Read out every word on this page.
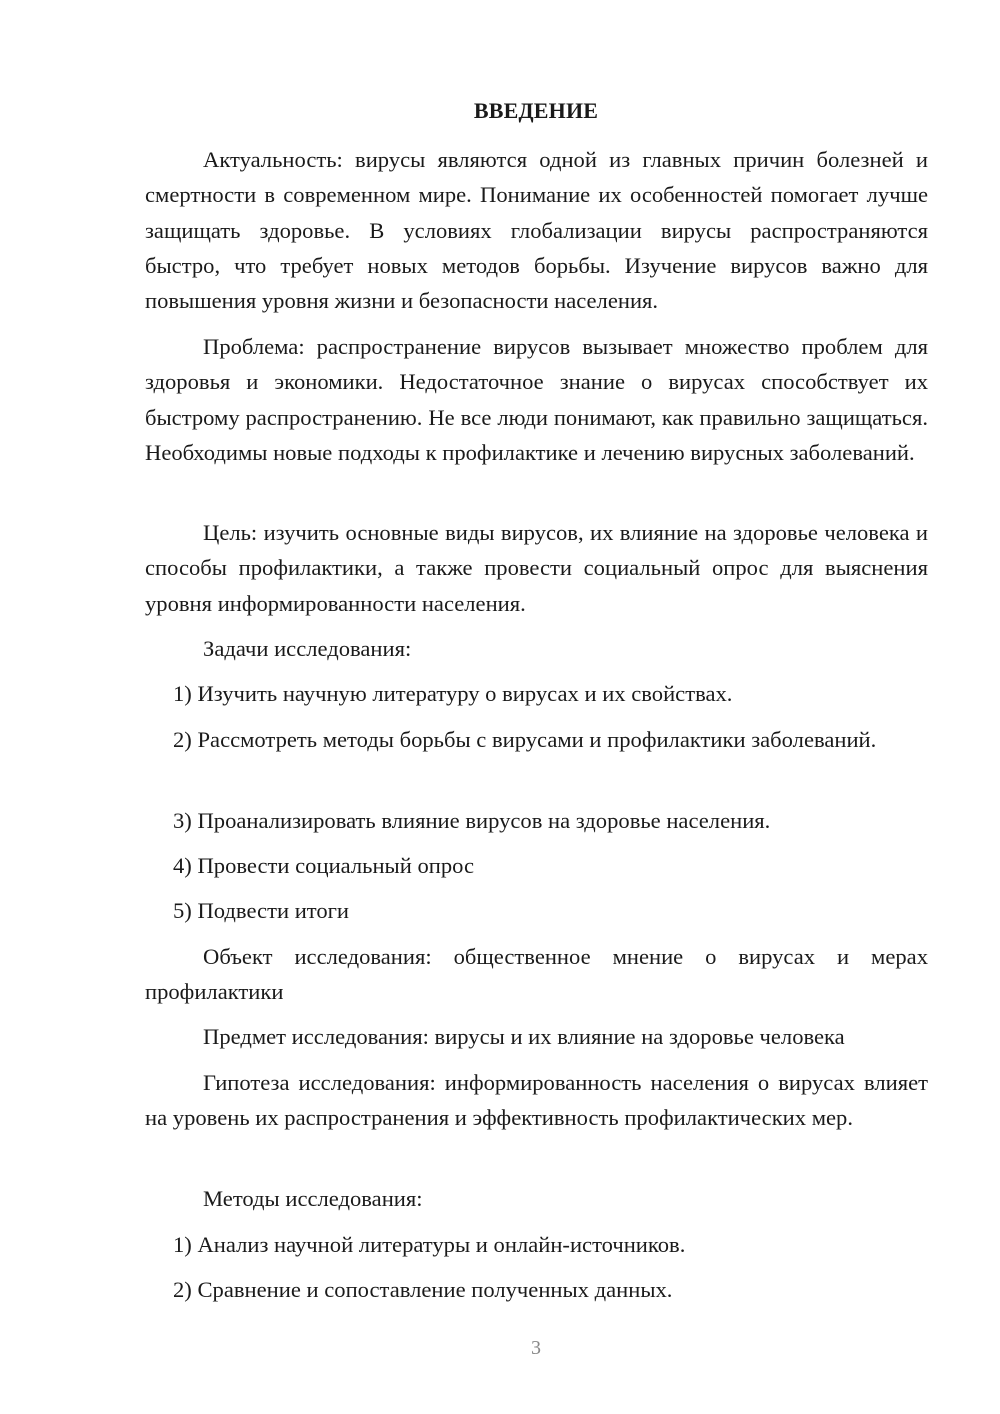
ВВЕДЕНИЕ

Актуальность: вирусы являются одной из главных причин болезней и смертности в современном мире. Понимание их особенностей помогает лучше защищать здоровье. В условиях глобализации вирусы распространяются быстро, что требует новых методов борьбы. Изучение вирусов важно для повышения уровня жизни и безопасности населения.

Проблема: распространение вирусов вызывает множество проблем для здоровья и экономики. Недостаточное знание о вирусах способствует их быстрому распространению. Не все люди понимают, как правильно защищаться. Необходимы новые подходы к профилактике и лечению вирусных заболеваний.

Цель: изучить основные виды вирусов, их влияние на здоровье человека и способы профилактики, а также провести социальный опрос для выяснения уровня информированности населения.

Задачи исследования:

1) Изучить научную литературу о вирусах и их свойствах.

2) Рассмотреть методы борьбы с вирусами и профилактики заболеваний.

3) Проанализировать влияние вирусов на здоровье населения.

4) Провести социальный опрос

5) Подвести итоги

Объект исследования: общественное мнение о вирусах и мерах профилактики

Предмет исследования: вирусы и их влияние на здоровье человека

Гипотеза исследования: информированность населения о вирусах влияет на уровень их распространения и эффективность профилактических мер.

Методы исследования:

1) Анализ научной литературы и онлайн-источников.

2) Сравнение и сопоставление полученных данных.

3
